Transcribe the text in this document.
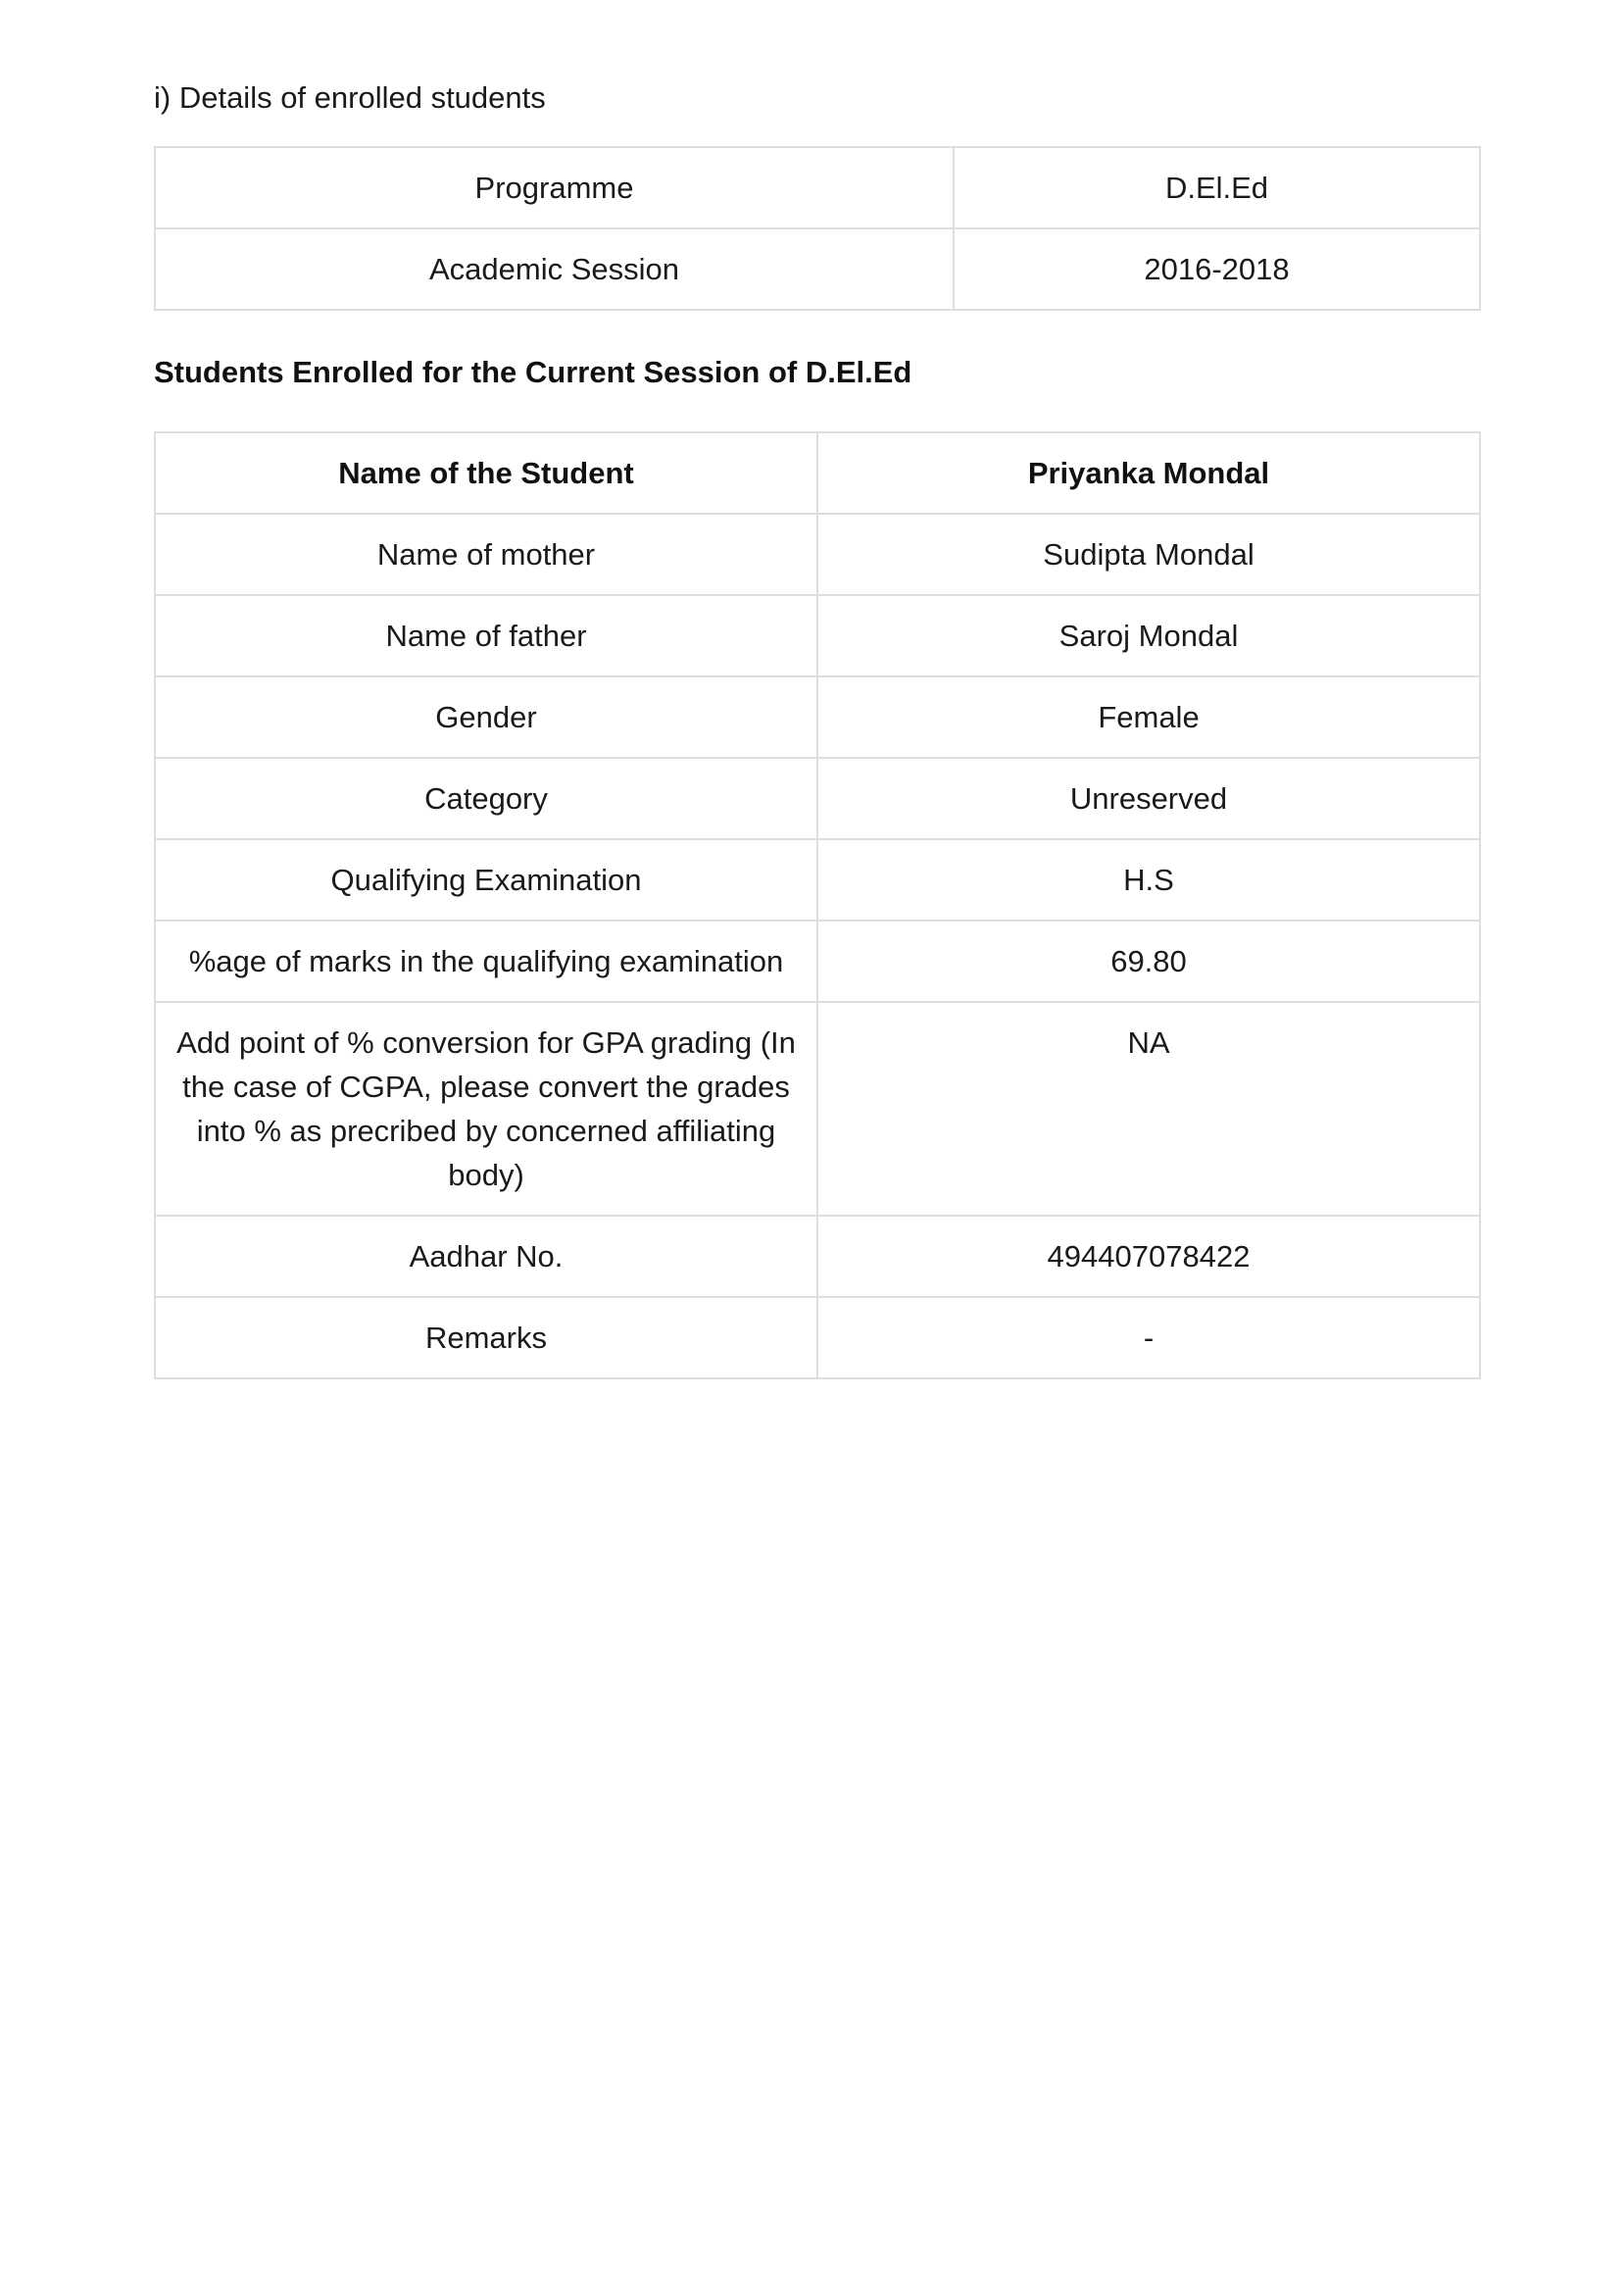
i) Details of enrolled students
Programme	D.El.Ed
Academic Session	2016-2018
Students Enrolled for the Current Session of D.El.Ed
Name of the Student	Priyanka Mondal
Name of mother	Sudipta Mondal
Name of father	Saroj Mondal
Gender	Female
Category	Unreserved
Qualifying Examination	H.S
%age of marks in the qualifying examination	69.80
Add point of % conversion for GPA grading (In the case of CGPA, please convert the grades into % as precribed by concerned affiliating body)	NA
Aadhar No.	494407078422
Remarks	-
